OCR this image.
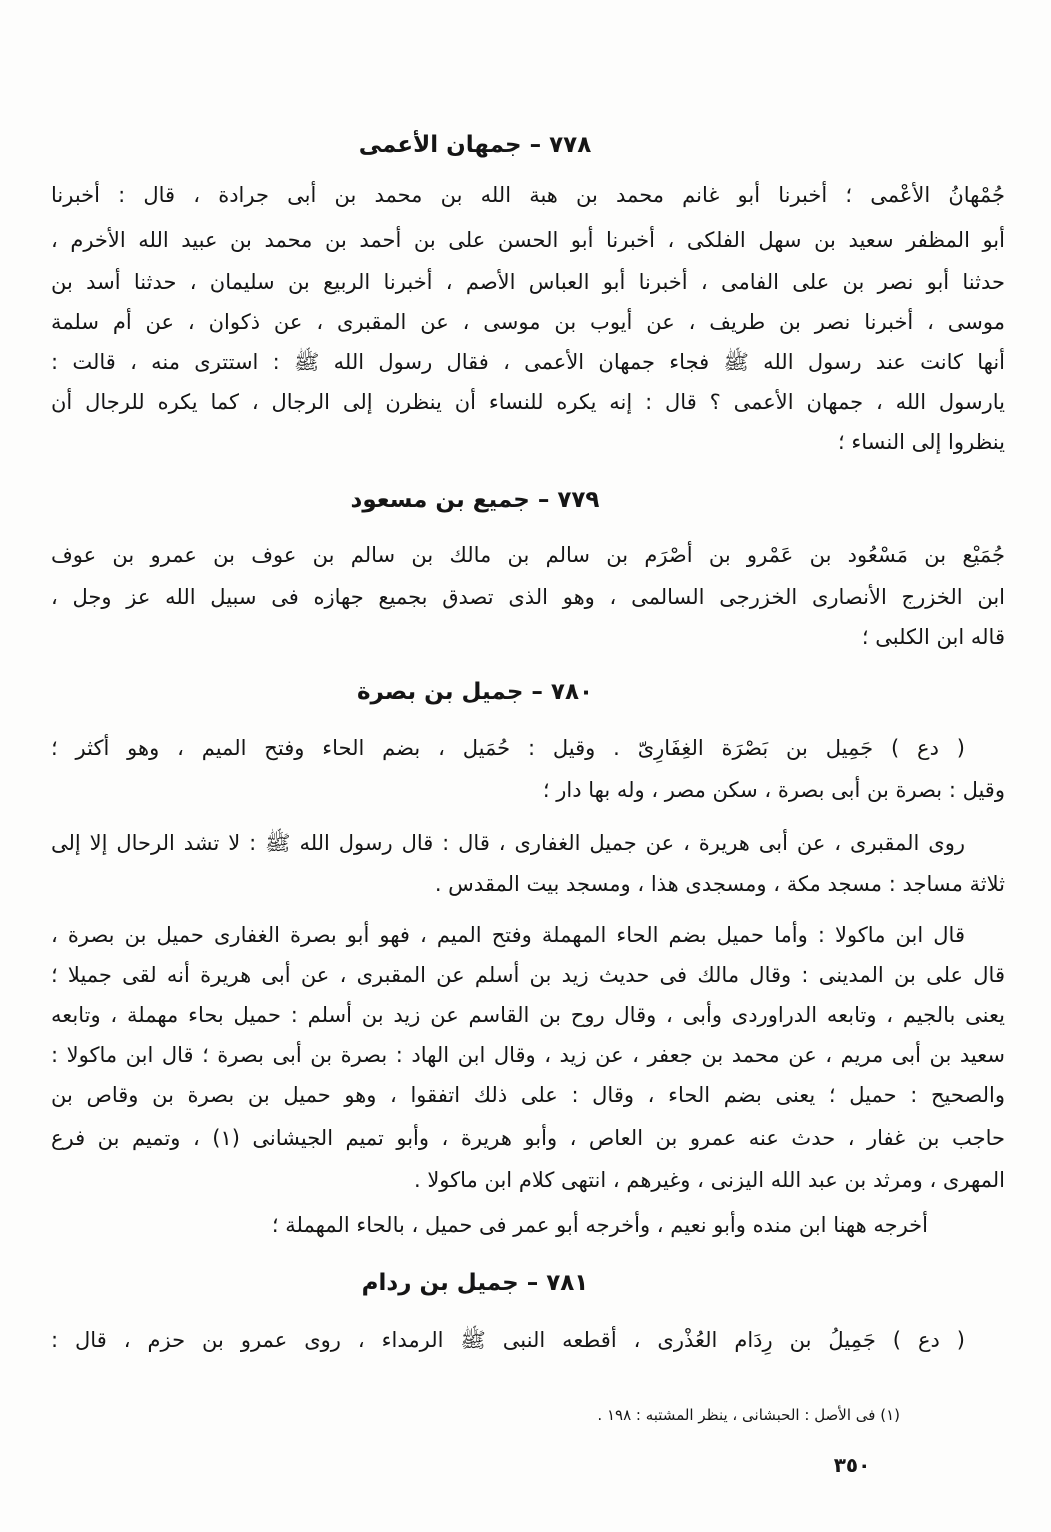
٧٧٨ – جمهان الأعمى
جُمْهانُ الأعْمى ؛ أخبرنا أبو غانم محمد بن هبة الله بن محمد بن أبى جرادة ، قال : أخبرنا
أبو المظفر سعيد بن سهل الفلكى ، أخبرنا أبو الحسن على بن أحمد بن محمد بن عبيد الله الأخرم ،
حدثنا أبو نصر بن على الفامى ، أخبرنا أبو العباس الأصم ، أخبرنا الربيع بن سليمان ، حدثنا أسد بن
موسى ، أخبرنا نصر بن طريف ، عن أيوب بن موسى ، عن المقبرى ، عن ذكوان ، عن أم سلمة
أنها كانت عند رسول الله ﷺ فجاء جمهان الأعمى ، فقال رسول الله ﷺ : استترى منه ، قالت :
يارسول الله ، جمهان الأعمى ؟ قال : إنه يكره للنساء أن ينظرن إلى الرجال ، كما يكره للرجال أن
ينظروا إلى النساء ؛
٧٧٩ – جميع بن مسعود
جُمَيْع بن مَسْعُود بن عَمْرو بن أصْرَم بن سالم بن مالك بن سالم بن عوف بن عمرو بن عوف
ابن الخزرج الأنصارى الخزرجى السالمى ، وهو الذى تصدق بجميع جهازه فى سبيل الله عز وجل ،
قاله ابن الكلبى ؛
٧٨٠ – جميل بن بصرة
( دع ) جَمِيل بن بَصْرَة الغِفَارِىّ . وقيل : حُمَيل ، بضم الحاء وفتح الميم ، وهو أكثر ؛
وقيل : بصرة بن أبى بصرة ، سكن مصر ، وله بها دار ؛
روى المقبرى ، عن أبى هريرة ، عن جميل الغفارى ، قال : قال رسول الله ﷺ : لا تشد الرحال إلا إلى
ثلاثة مساجد : مسجد مكة ، ومسجدى هذا ، ومسجد بيت المقدس .
قال ابن ماكولا : وأما حميل بضم الحاء المهملة وفتح الميم ، فهو أبو بصرة الغفارى حميل بن بصرة ،
قال على بن المدينى : وقال مالك فى حديث زيد بن أسلم عن المقبرى ، عن أبى هريرة أنه لقى جميلا ؛
يعنى بالجيم ، وتابعه الدراوردى وأبى ، وقال روح بن القاسم عن زيد بن أسلم : حميل بحاء مهملة ، وتابعه
سعيد بن أبى مريم ، عن محمد بن جعفر ، عن زيد ، وقال ابن الهاد : بصرة بن أبى بصرة ؛ قال ابن ماكولا :
والصحيح : حميل ؛ يعنى بضم الحاء ، وقال : على ذلك اتفقوا ، وهو حميل بن بصرة بن وقاص بن
حاجب بن غفار ، حدث عنه عمرو بن العاص ، وأبو هريرة ، وأبو تميم الجيشانى (١) ، وتميم بن فرع
المهرى ، ومرثد بن عبد الله اليزنى ، وغيرهم ، انتهى كلام ابن ماكولا .
أخرجه ههنا ابن منده وأبو نعيم ، وأخرجه أبو عمر فى حميل ، بالحاء المهملة ؛
٧٨١ – جميل بن ردام
( دع ) جَمِيلُ بن رِدَام العُذْرى ، أقطعه النبى ﷺ الرمداء ، روى عمرو بن حزم ، قال :
(١) فى الأصل : الحبشانى ، ينظر المشتبه : ١٩٨ .
٣٥٠
